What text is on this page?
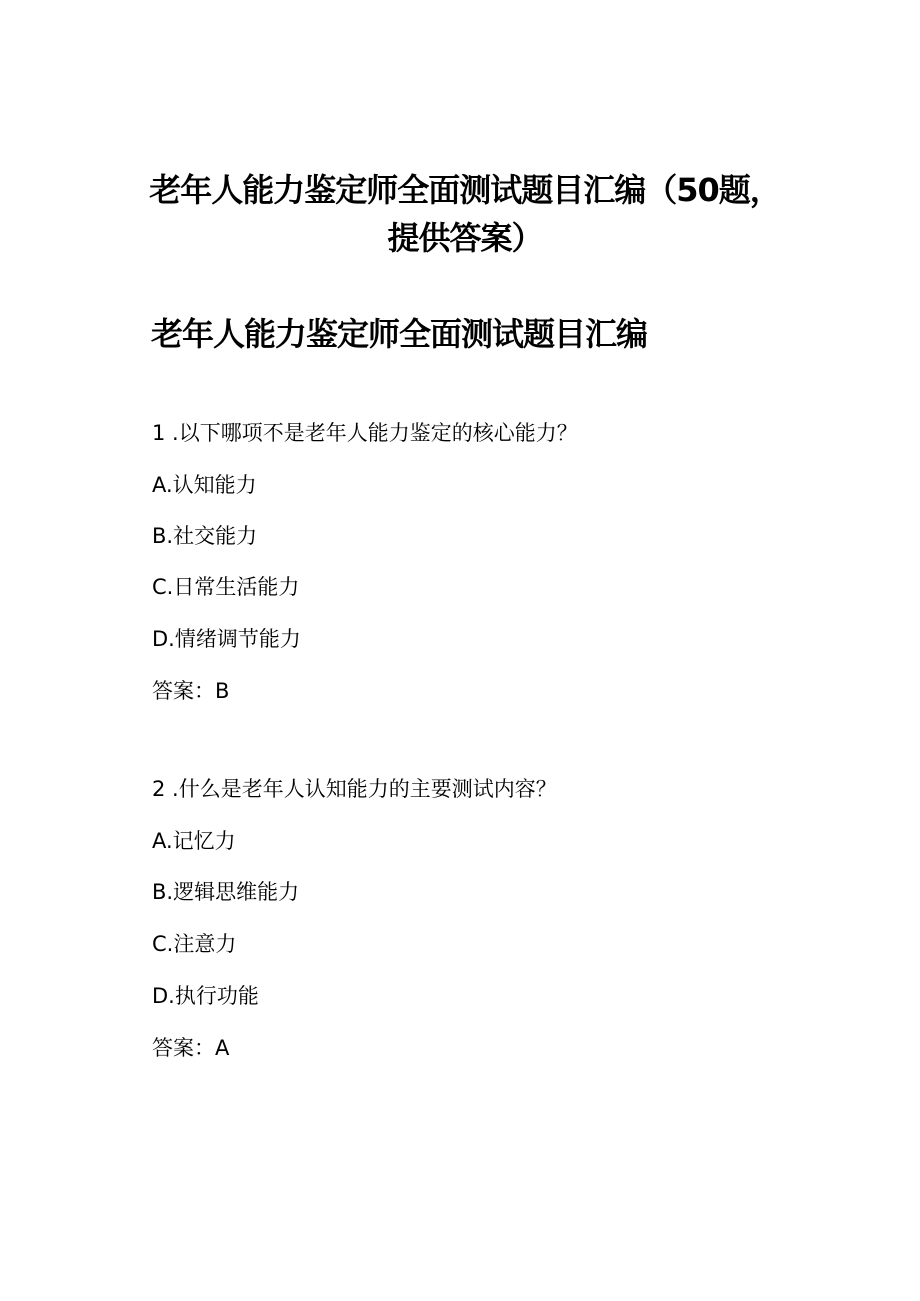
老年人能力鉴定师全面测试题目汇编（50题，提供答案）
老年人能力鉴定师全面测试题目汇编
1 .以下哪项不是老年人能力鉴定的核心能力？
A.认知能力
B.社交能力
C.日常生活能力
D.情绪调节能力
答案：B
2 .什么是老年人认知能力的主要测试内容？
A.记忆力
B.逻辑思维能力
C.注意力
D.执行功能
答案：A
